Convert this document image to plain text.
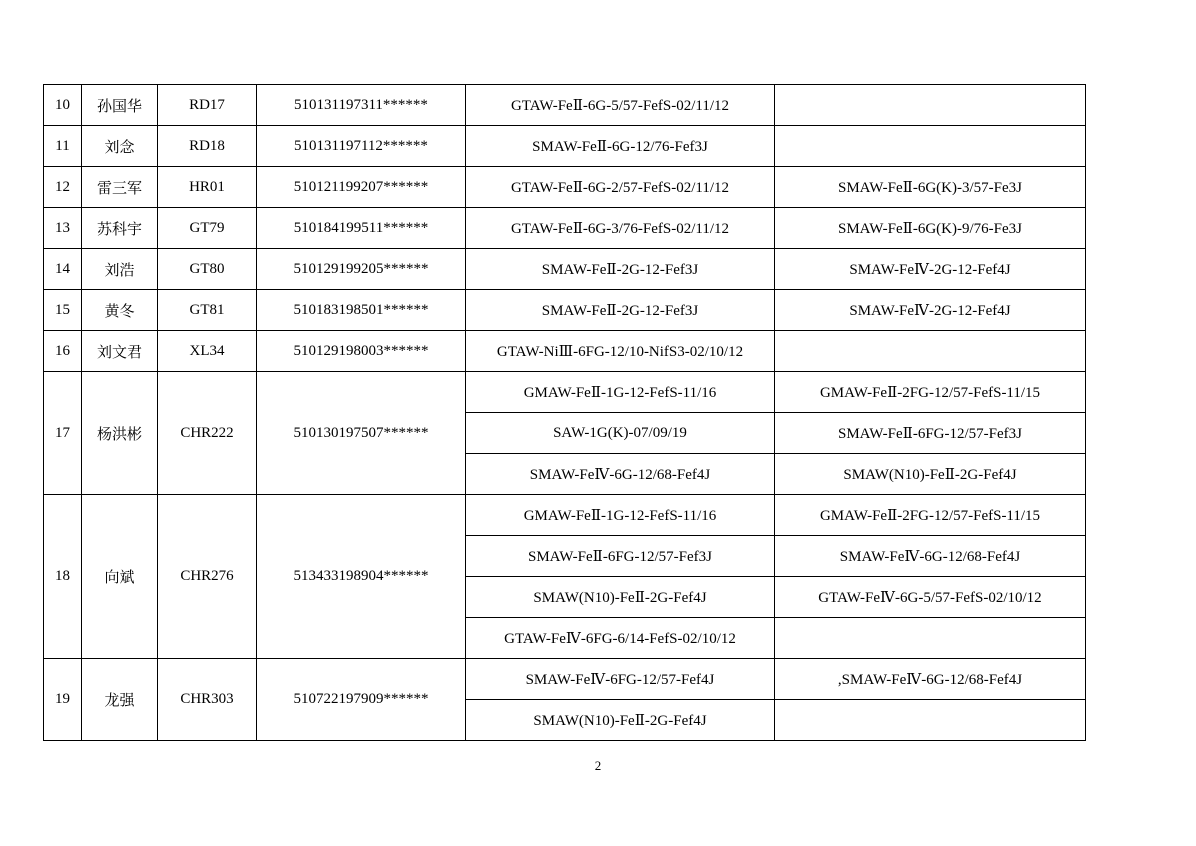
10	孙国华	RD17	510131197311******	GTAW-FeⅡ-6G-5/57-FefS-02/11/12	
11	刘念	RD18	510131197112******	SMAW-FeⅡ-6G-12/76-Fef3J	
12	雷三军	HR01	510121199207******	GTAW-FeⅡ-6G-2/57-FefS-02/11/12	SMAW-FeⅡ-6G(K)-3/57-Fe3J
13	苏科宇	GT79	510184199511******	GTAW-FeⅡ-6G-3/76-FefS-02/11/12	SMAW-FeⅡ-6G(K)-9/76-Fe3J
14	刘浩	GT80	510129199205******	SMAW-FeⅡ-2G-12-Fef3J	SMAW-FeⅣ-2G-12-Fef4J
15	黄冬	GT81	510183198501******	SMAW-FeⅡ-2G-12-Fef3J	SMAW-FeⅣ-2G-12-Fef4J
16	刘文君	XL34	510129198003******	GTAW-NiⅢ-6FG-12/10-NifS3-02/10/12	
17	杨洪彬	CHR222	510130197507******	GMAW-FeⅡ-1G-12-FefS-11/16	GMAW-FeⅡ-2FG-12/57-FefS-11/15
				SAW-1G(K)-07/09/19	SMAW-FeⅡ-6FG-12/57-Fef3J
				SMAW-FeⅣ-6G-12/68-Fef4J	SMAW(N10)-FeⅡ-2G-Fef4J
18	向斌	CHR276	513433198904******	GMAW-FeⅡ-1G-12-FefS-11/16	GMAW-FeⅡ-2FG-12/57-FefS-11/15
				SMAW-FeⅡ-6FG-12/57-Fef3J	SMAW-FeⅣ-6G-12/68-Fef4J
				SMAW(N10)-FeⅡ-2G-Fef4J	GTAW-FeⅣ-6G-5/57-FefS-02/10/12
				GTAW-FeⅣ-6FG-6/14-FefS-02/10/12	
19	龙强	CHR303	510722197909******	SMAW-FeⅣ-6FG-12/57-Fef4J	,SMAW-FeⅣ-6G-12/68-Fef4J
				SMAW(N10)-FeⅡ-2G-Fef4J	
2
